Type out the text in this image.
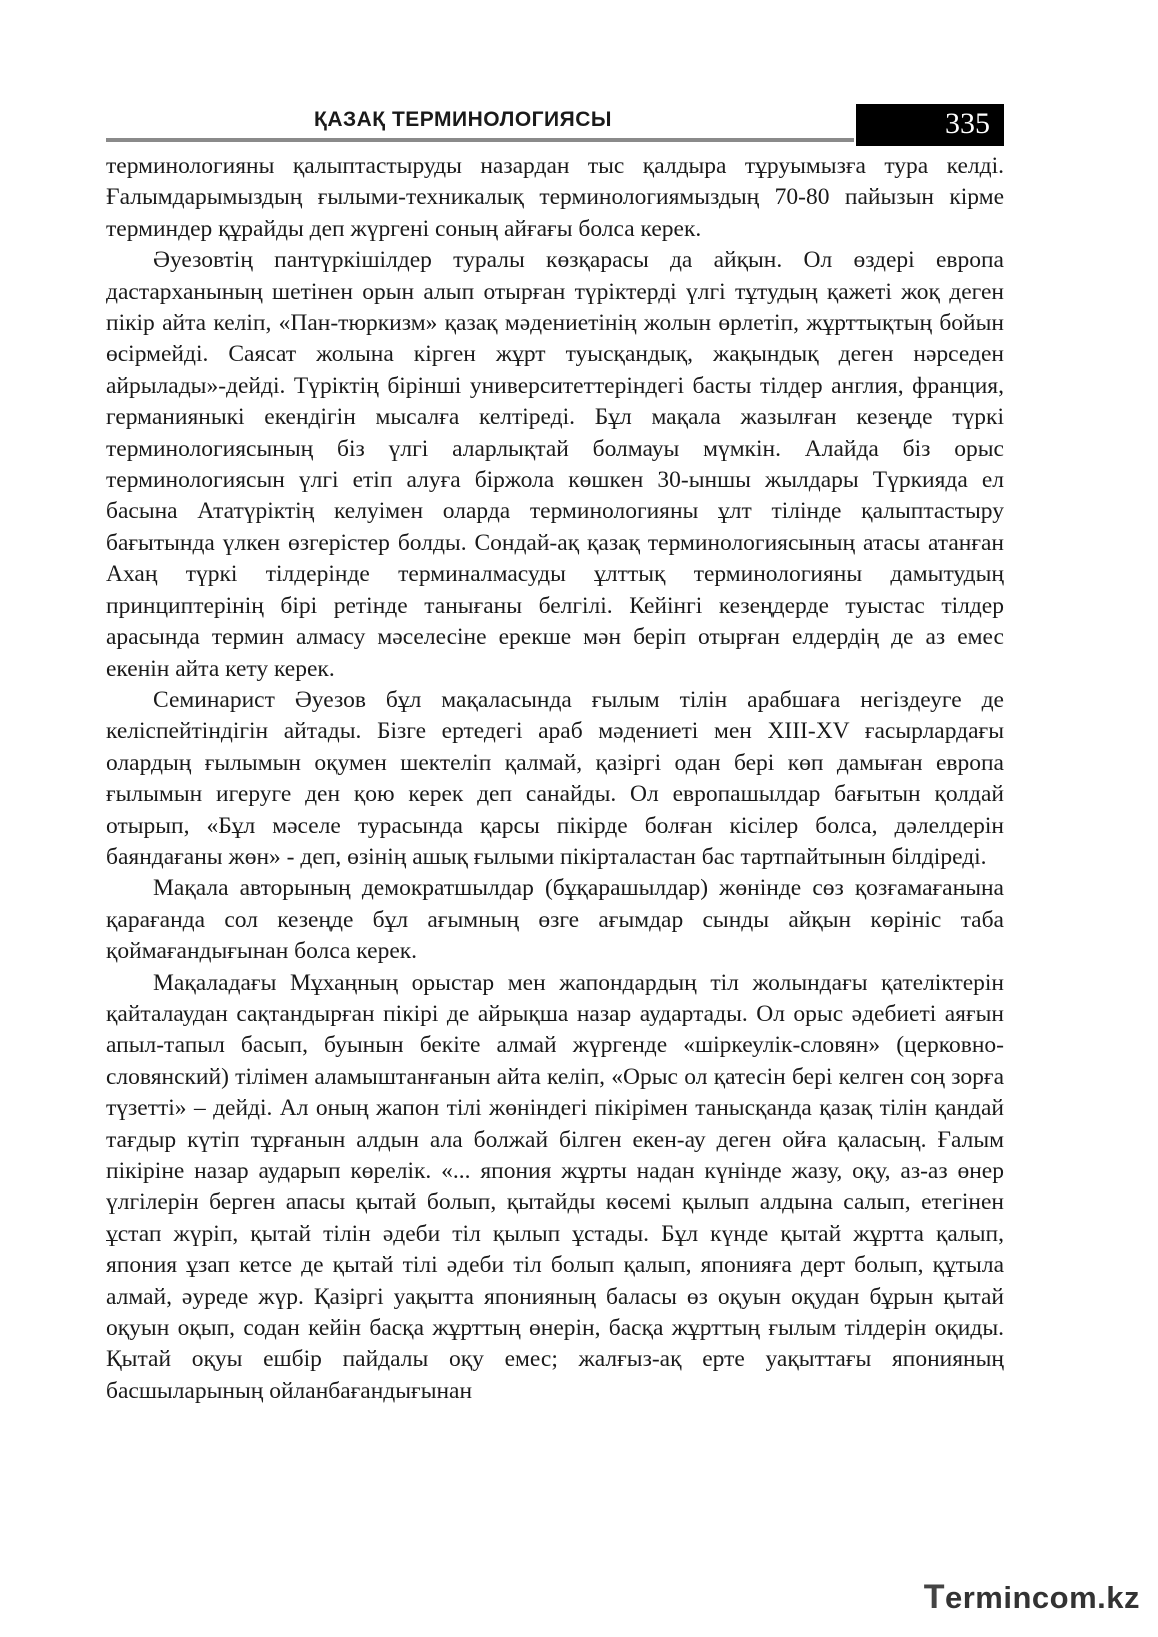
ҚАЗАҚ ТЕРМИНОЛОГИЯСЫ	335

терминологияны қалыптастыруды назардан тыс қалдыра тұруымызға тура келді. Ғалымдарымыздың ғылыми-техникалық терминологиямыздың 70-80 пайызын кірме терминдер құрайды деп жүргені соның айғағы болса керек.

Әуезовтің пантүркішілдер туралы көзқарасы да айқын. Ол өздері европа дастарханының шетінен орын алып отырған түріктерді үлгі тұтудың қажеті жоқ деген пікір айта келіп, «Пан-тюркизм» қазақ мәдениетінің жолын өрлетіп, жұрттықтың бойын өсірмейді. Саясат жолына кірген жұрт туысқандық, жақындық деген нәрседен айрылады»-дейді. Түріктің бірінші университеттеріндегі басты тілдер англия, франция, германияныкі екендігін мысалға келтіреді. Бұл мақала жазылған кезеңде түркі терминологиясының біз үлгі аларлықтай болмауы мүмкін. Алайда біз орыс терминологиясын үлгі етіп алуға біржола көшкен 30-ыншы жылдары Түркияда ел басына Ататүріктің келуімен оларда терминологияны ұлт тілінде қалыптастыру бағытында үлкен өзгерістер болды. Сондай-ақ қазақ терминологиясының атасы атанған Ахаң түркі тілдерінде терминалмасуды ұлттық терминологияны дамытудың принциптерінің бірі ретінде танығаны белгілі. Кейінгі кезеңдерде туыстас тілдер арасында термин алмасу мәселесіне ерекше мән беріп отырған елдердің де аз емес екенін айта кету керек.

Семинарист Әуезов бұл мақаласында ғылым тілін арабшаға негіздеуге де келіспейтіндігін айтады. Бізге ертедегі араб мәдениеті мен XIII-XV ғасырлардағы олардың ғылымын оқумен шектеліп қалмай, қазіргі одан бері көп дамыған европа ғылымын игеруге ден қою керек деп санайды. Ол европашылдар бағытын қолдай отырып, «Бұл мәселе турасында қарсы пікірде болған кісілер болса, дәлелдерін баяндағаны жөн» - деп, өзінің ашық ғылыми пікірталастан бас тартпайтынын білдіреді.

Мақала авторының демократшылдар (бұқарашылдар) жөнінде сөз қозғамағанына қарағанда сол кезеңде бұл ағымның өзге ағымдар сынды айқын көрініс таба қоймағандығынан болса керек.

Мақаладағы Мұхаңның орыстар мен жапондардың тіл жолындағы қателіктерін қайталаудан сақтандырған пікірі де айрықша назар аудартады. Ол орыс әдебиеті аяғын апыл-тапыл басып, буынын бекіте алмай жүргенде «шіркеулік-словян» (церковно-словянский) тілімен аламыштанғанын айта келіп, «Орыс ол қатесін бері келген соң зорға түзетті» – дейді. Ал оның жапон тілі жөніндегі пікірімен танысқанда қазақ тілін қандай тағдыр күтіп тұрғанын алдын ала болжай білген екен-ау деген ойға қаласың. Ғалым пікіріне назар аударып көрелік. «... япония жұрты надан күнінде жазу, оқу, аз-аз өнер үлгілерін берген апасы қытай болып, қытайды көсемі қылып алдына салып, етегінен ұстап жүріп, қытай тілін әдеби тіл қылып ұстады. Бұл күнде қытай жұртта қалып, япония ұзап кетсе де қытай тілі әдеби тіл болып қалып, японияға дерт болып, құтыла алмай, әуреде жүр. Қазіргі уақытта японияның баласы өз оқуын оқудан бұрын қытай оқуын оқып, содан кейін басқа жұрттың өнерін, басқа жұрттың ғылым тілдерін оқиды. Қытай оқуы ешбір пайдалы оқу емес; жалғыз-ақ ерте уақыттағы японияның басшыларының ойланбағандығынан

Termincom.kz
